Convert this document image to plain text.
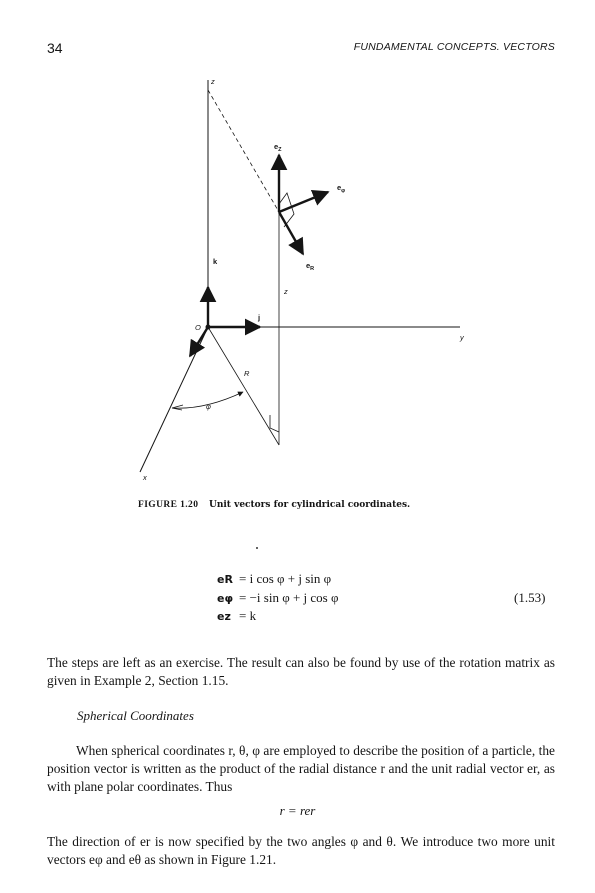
34	FUNDAMENTAL CONCEPTS. VECTORS
z
y
x
O
k
j
$e_Z$
$e_\varphi$
$e_R$
z
R
φ
FIGURE 1.20 Unit vectors for cylindrical coordinates.
eR = i cos φ + j sin φ
eφ = −i sin φ + j cos φ
ez = k
(1.53)
The steps are left as an exercise. The result can also be found by use of the rotation matrix as given in Example 2, Section 1.15.
Spherical Coordinates
When spherical coordinates r, θ, φ are employed to describe the position of a particle, the position vector is written as the product of the radial distance r and the unit radial vector er, as with plane polar coordinates. Thus
r = rer
The direction of er is now specified by the two angles φ and θ. We introduce two more unit vectors eφ and eθ as shown in Figure 1.21.
